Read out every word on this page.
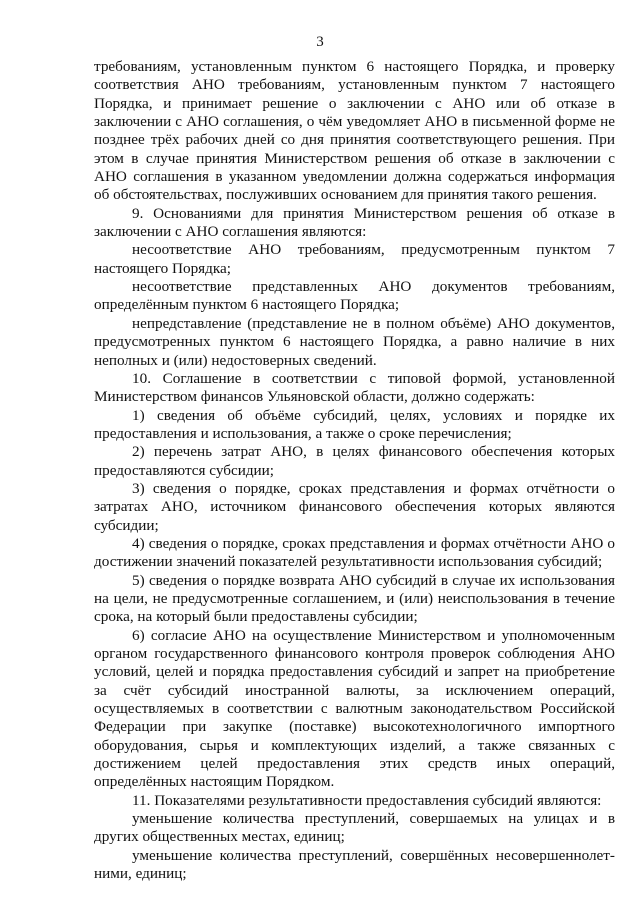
3

требованиям, установленным пунктом 6 настоящего Порядка, и проверку соответствия АНО требованиям, установленным пунктом 7 настоящего Порядка, и принимает решение о заключении с АНО или об отказе в заключении с АНО соглашения, о чём уведомляет АНО в письменной форме не позднее трёх рабочих дней со дня принятия соответствующего решения. При этом в случае принятия Министерством решения об отказе в заключении с АНО соглашения в указанном уведомлении должна содержаться информация об обстоятельствах, послуживших основанием для принятия такого решения.

9. Основаниями для принятия Министерством решения об отказе в заключении с АНО соглашения являются:

несоответствие АНО требованиям, предусмотренным пунктом 7 настоящего Порядка;

несоответствие представленных АНО документов требованиям, определённым пунктом 6 настоящего Порядка;

непредставление (представление не в полном объёме) АНО документов, предусмотренных пунктом 6 настоящего Порядка, а равно наличие в них неполных и (или) недостоверных сведений.

10. Соглашение в соответствии с типовой формой, установленной Министерством финансов Ульяновской области, должно содержать:

1) сведения об объёме субсидий, целях, условиях и порядке их предоставления и использования, а также о сроке перечисления;

2) перечень затрат АНО, в целях финансового обеспечения которых предоставляются субсидии;

3) сведения о порядке, сроках представления и формах отчётности о затратах АНО, источником финансового обеспечения которых являются субсидии;

4) сведения о порядке, сроках представления и формах отчётности АНО о достижении значений показателей результативности использования субсидий;

5) сведения о порядке возврата АНО субсидий в случае их использования на цели, не предусмотренные соглашением, и (или) неиспользования в течение срока, на который были предоставлены субсидии;

6) согласие АНО на осуществление Министерством и уполномоченным органом государственного финансового контроля проверок соблюдения АНО условий, целей и порядка предоставления субсидий и запрет на приобретение за счёт субсидий иностранной валюты, за исключением операций, осуществляемых в соответствии с валютным законодательством Российской Федерации при закупке (поставке) высокотехнологичного импортного оборудования, сырья и комплектующих изделий, а также связанных с достижением целей предоставления этих средств иных операций, определённых настоящим Порядком.

11. Показателями результативности предоставления субсидий являются:

уменьшение количества преступлений, совершаемых на улицах и в других общественных местах, единиц;

уменьшение количества преступлений, совершённых несовершеннолет-ними, единиц;
